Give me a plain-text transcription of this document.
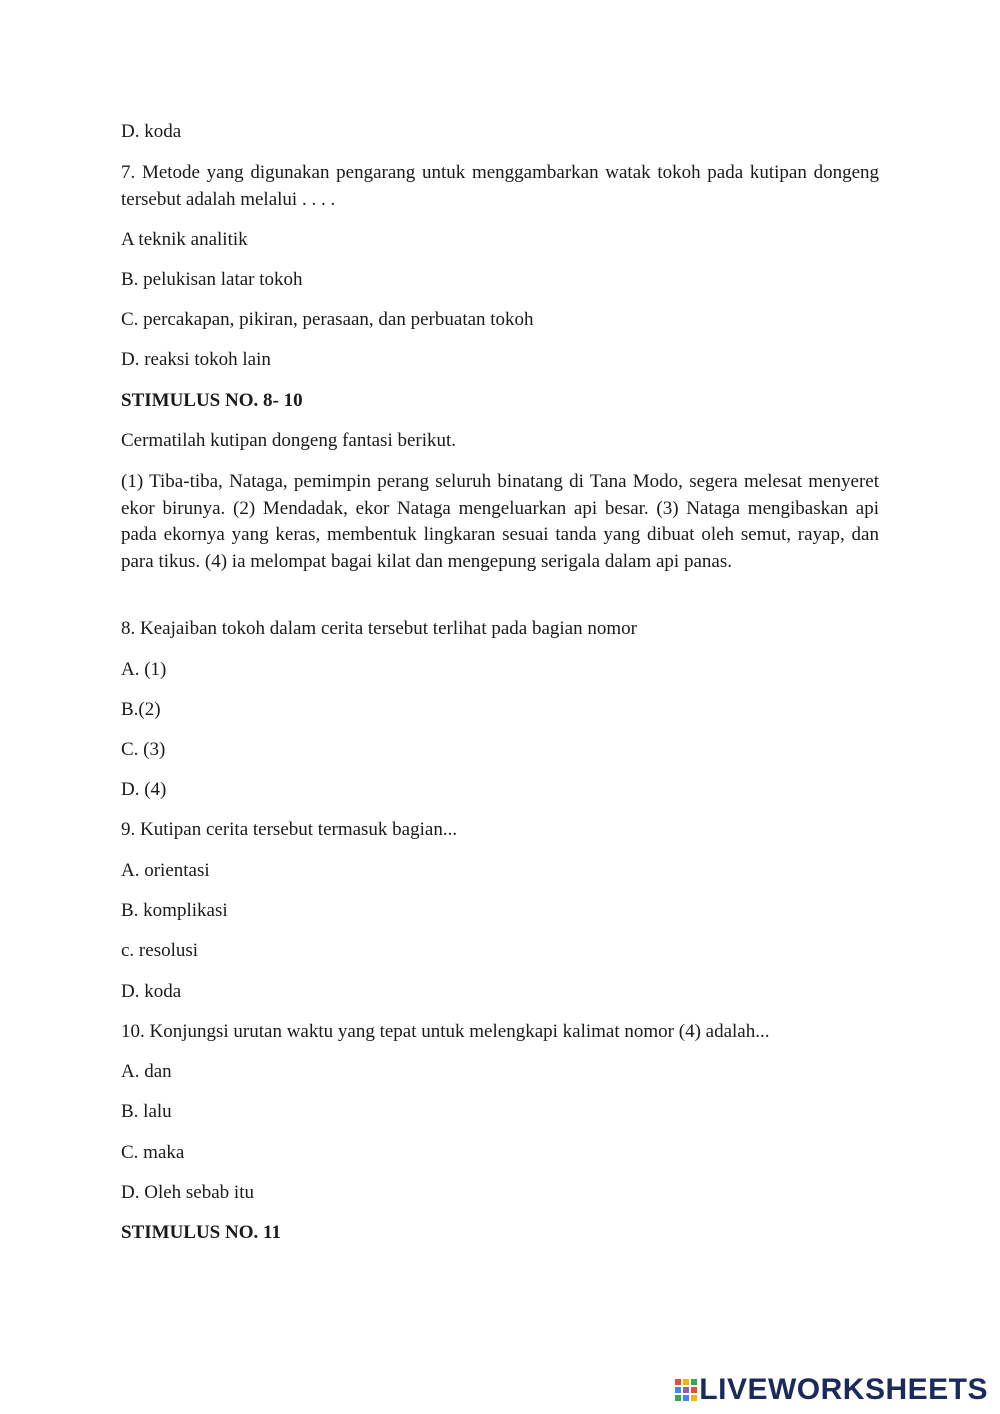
D. koda
7. Metode yang digunakan pengarang untuk menggambarkan watak tokoh pada kutipan dongeng tersebut adalah melalui . . . .
A teknik analitik
B. pelukisan latar tokoh
C. percakapan, pikiran, perasaan, dan perbuatan tokoh
D. reaksi tokoh lain
STIMULUS NO. 8- 10
Cermatilah kutipan dongeng fantasi berikut.
(1) Tiba-tiba, Nataga, pemimpin perang seluruh binatang di Tana Modo, segera melesat menyeret ekor birunya. (2) Mendadak, ekor Nataga mengeluarkan api besar. (3) Nataga mengibaskan api pada ekornya yang keras, membentuk lingkaran sesuai tanda yang dibuat oleh semut, rayap, dan para tikus. (4) ia melompat bagai kilat dan mengepung serigala dalam api panas.
8. Keajaiban tokoh dalam cerita tersebut terlihat pada bagian nomor
A. (1)
B.(2)
C. (3)
D. (4)
9. Kutipan cerita tersebut termasuk bagian...
A. orientasi
B. komplikasi
c. resolusi
D. koda
10. Konjungsi urutan waktu yang tepat untuk melengkapi kalimat nomor (4) adalah...
A. dan
B. lalu
C. maka
D. Oleh sebab itu
STIMULUS NO. 11
LIVEWORKSHEETS
